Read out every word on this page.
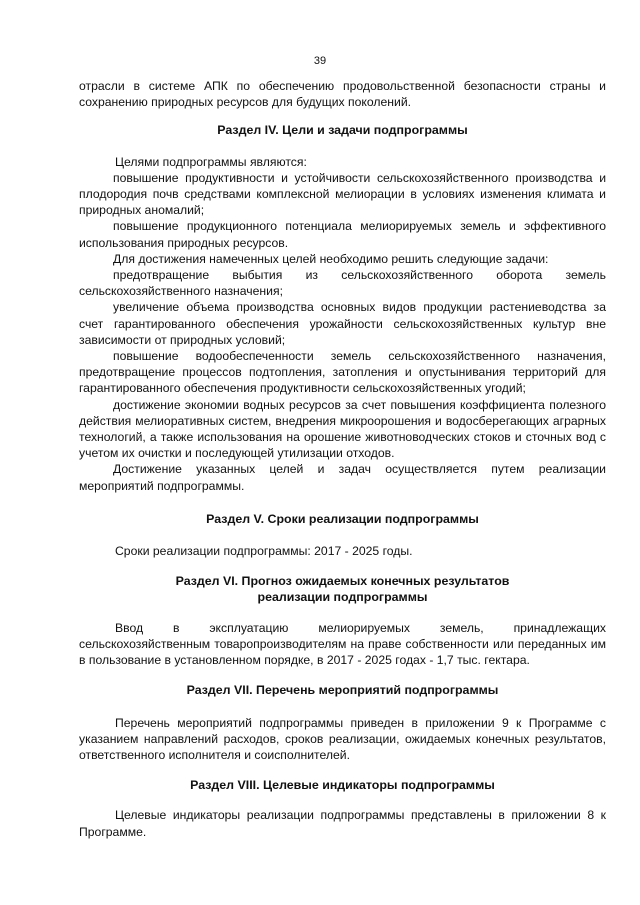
39

отрасли в системе АПК по обеспечению продовольственной безопасности страны и сохранению природных ресурсов для будущих поколений.

Раздел IV. Цели и задачи подпрограммы

Целями подпрограммы являются:

повышение продуктивности и устойчивости сельскохозяйственного производства и плодородия почв средствами комплексной мелиорации в условиях изменения климата и природных аномалий;

повышение продукционного потенциала мелиорируемых земель и эффективного использования природных ресурсов.

Для достижения намеченных целей необходимо решить следующие задачи:

предотвращение выбытия из сельскохозяйственного оборота земель сельскохозяйственного назначения;

увеличение объема производства основных видов продукции растениеводства за счет гарантированного обеспечения урожайности сельскохозяйственных культур вне зависимости от природных условий;

повышение водообеспеченности земель сельскохозяйственного назначения, предотвращение процессов подтопления, затопления и опустынивания территорий для гарантированного обеспечения продуктивности сельскохозяйственных угодий;

достижение экономии водных ресурсов за счет повышения коэффициента полезного действия мелиоративных систем, внедрения микроорошения и водосберегающих аграрных технологий, а также использования на орошение животноводческих стоков и сточных вод с учетом их очистки и последующей утилизации отходов.

Достижение указанных целей и задач осуществляется путем реализации мероприятий подпрограммы.

Раздел V. Сроки реализации подпрограммы

Сроки реализации подпрограммы: 2017 - 2025 годы.

Раздел VI. Прогноз ожидаемых конечных результатов
реализации подпрограммы

Ввод в эксплуатацию мелиорируемых земель, принадлежащих сельскохозяйственным товаропроизводителям на праве собственности или переданных им в пользование в установленном порядке, в 2017 - 2025 годах - 1,7 тыс. гектара.

Раздел VII. Перечень мероприятий подпрограммы

Перечень мероприятий подпрограммы приведен в приложении 9 к Программе с указанием направлений расходов, сроков реализации, ожидаемых конечных результатов, ответственного исполнителя и соисполнителей.

Раздел VIII. Целевые индикаторы подпрограммы

Целевые индикаторы реализации подпрограммы представлены в приложении 8 к Программе.
